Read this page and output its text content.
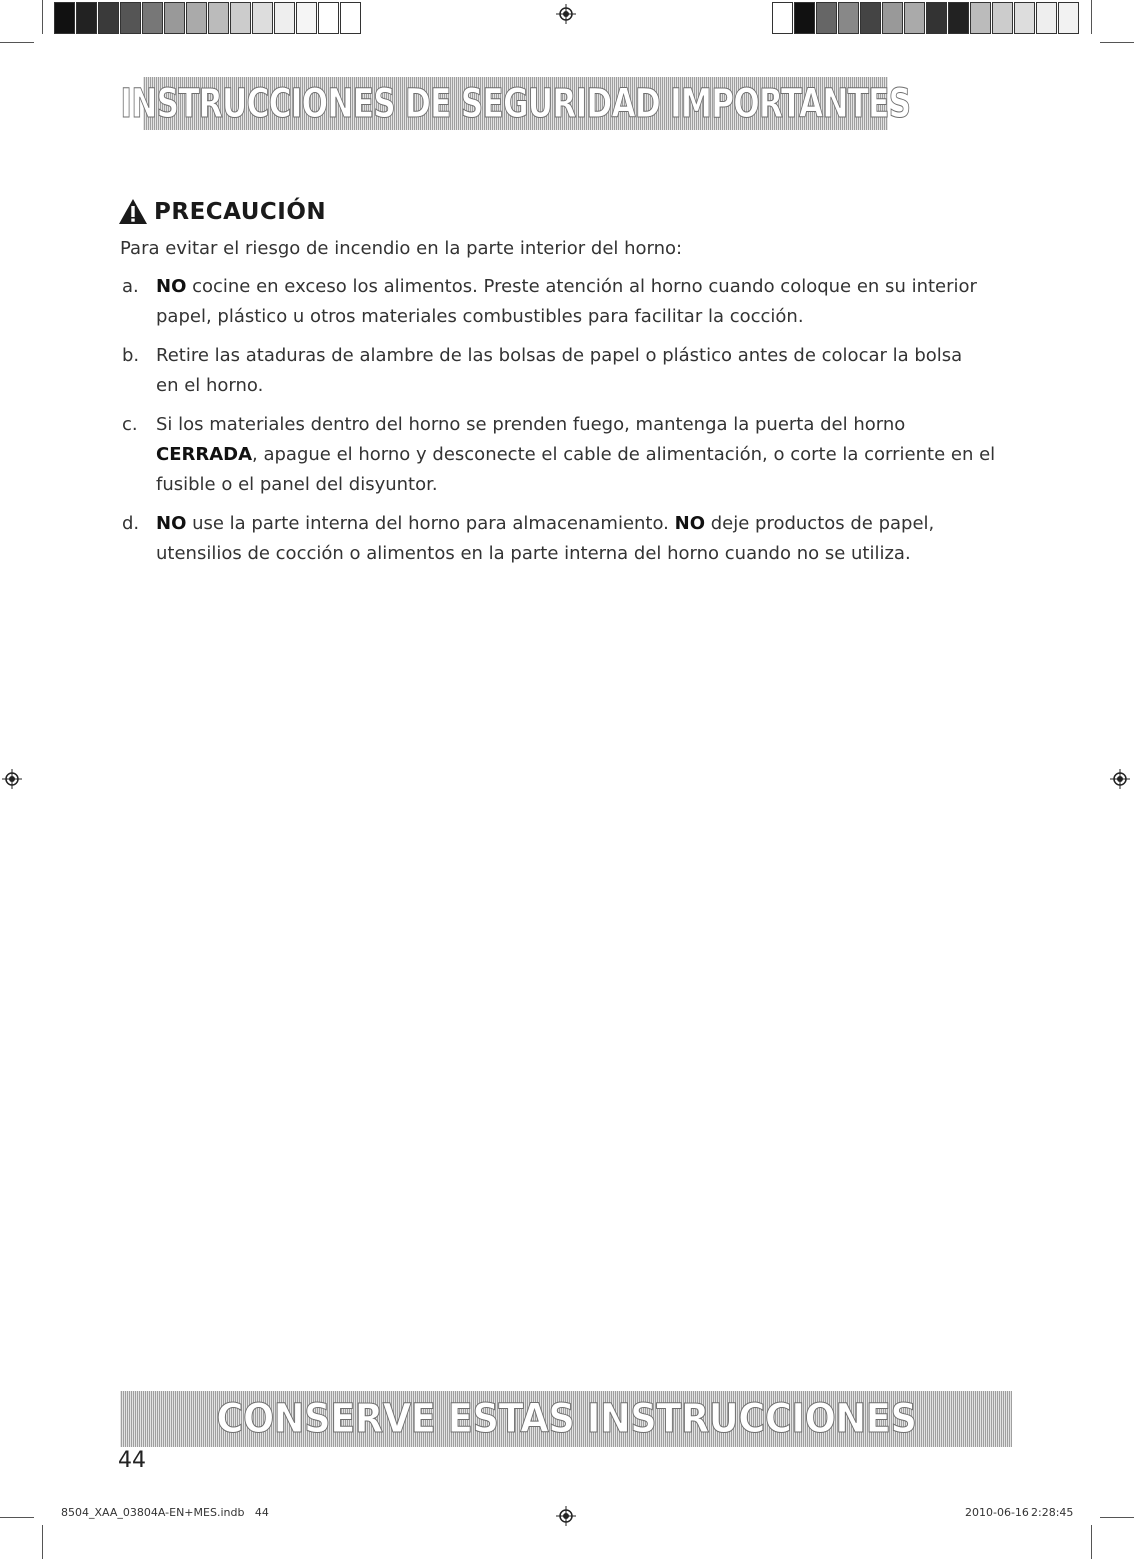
INSTRUCCIONES DE SEGURIDAD IMPORTANTES
PRECAUCIÓN
Para evitar el riesgo de incendio en la parte interior del horno:
a. NO cocine en exceso los alimentos. Preste atención al horno cuando coloque en su interior
papel, plástico u otros materiales combustibles para facilitar la cocción.
b. Retire las ataduras de alambre de las bolsas de papel o plástico antes de colocar la bolsa
en el horno.
c. Si los materiales dentro del horno se prenden fuego, mantenga la puerta del horno
CERRADA, apague el horno y desconecte el cable de alimentación, o corte la corriente en el
fusible o el panel del disyuntor.
d. NO use la parte interna del horno para almacenamiento. NO deje productos de papel,
utensilios de cocción o alimentos en la parte interna del horno cuando no se utiliza.
CONSERVE ESTAS INSTRUCCIONES
44
8504_XAA_03804A-EN+MES.indb   44	2010-06-16 2:28:45
